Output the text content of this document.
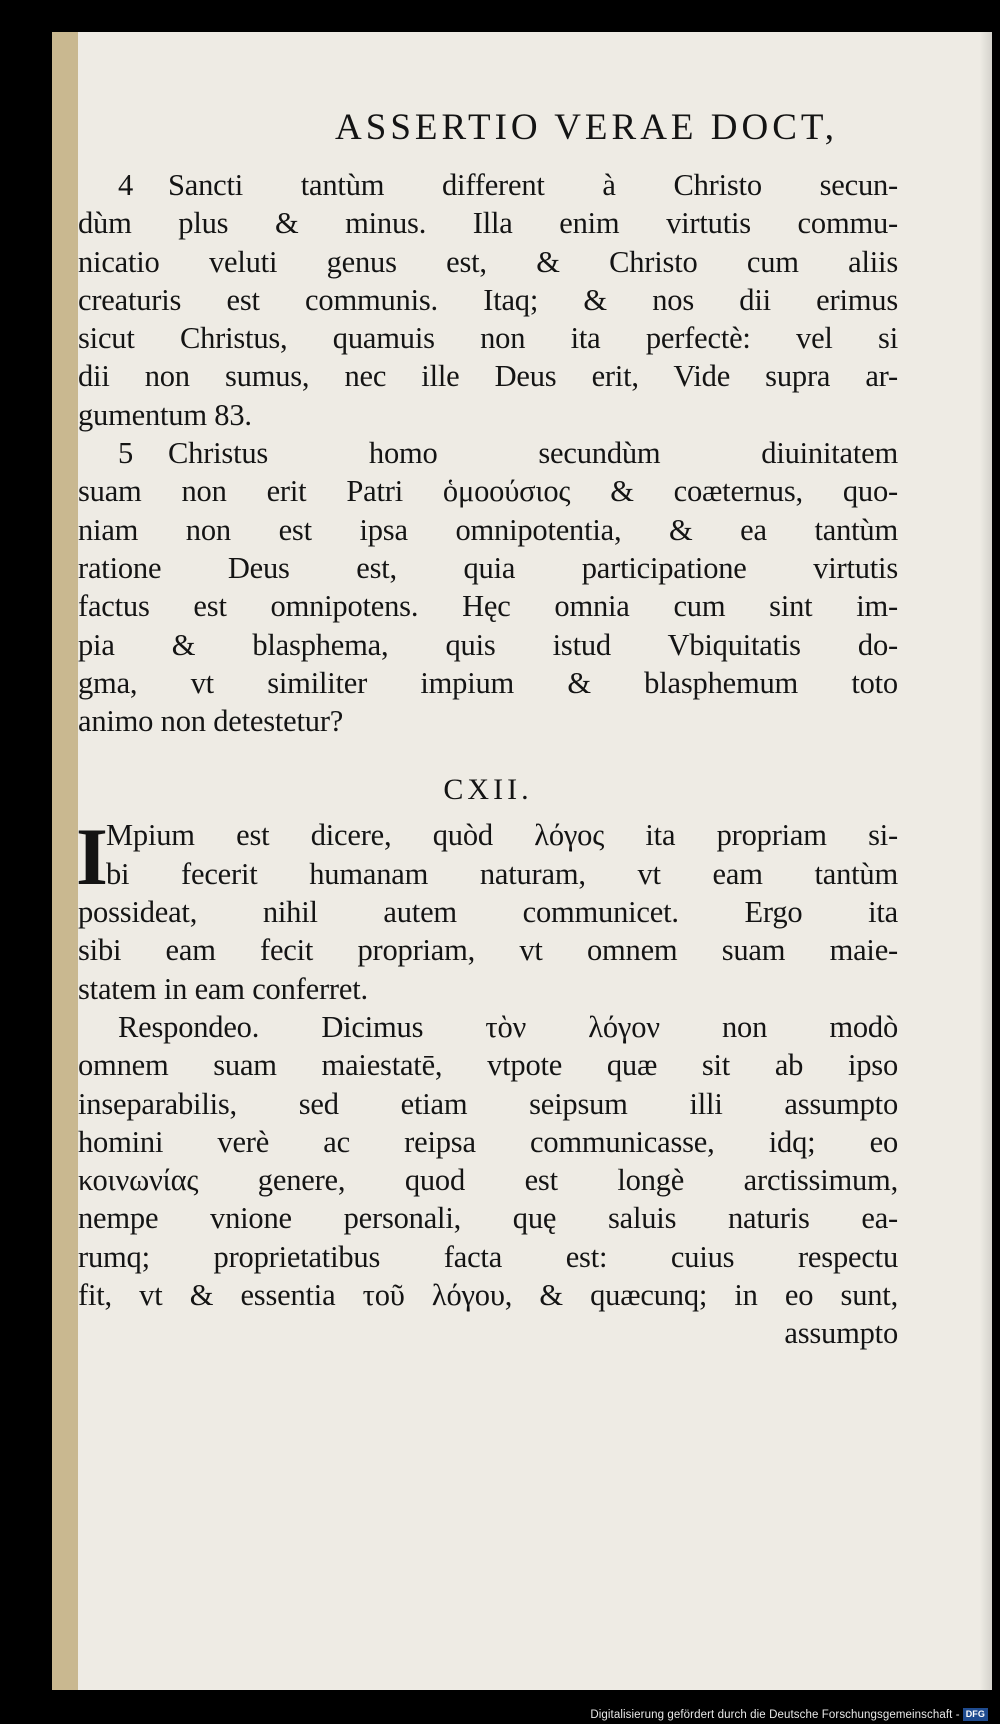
ASSERTIO VERAE DOCT,
4 Sancti tantùm different à Christo secun-
dùm plus & minus. Illa enim virtutis commu-
nicatio veluti genus est, & Christo cum aliis
creaturis est communis. Itaq; & nos dii erimus
sicut Christus, quamuis non ita perfectè: vel si
dii non sumus, nec ille Deus erit, Vide supra ar-
gumentum 83.
5 Christus homo secundùm diuinitatem
suam non erit Patri ὁμοούσιος & coæternus, quo-
niam non est ipsa omnipotentia, & ea tantùm
ratione Deus est, quia participatione virtutis
factus est omnipotens. Hęc omnia cum sint im-
pia & blasphema, quis istud Vbiquitatis do-
gma, vt similiter impium & blasphemum toto
animo non detestetur?
CXII.
I
Mpium est dicere, quòd λόγος ita propriam si-
bi fecerit humanam naturam, vt eam tantùm
possideat, nihil autem communicet. Ergo ita
sibi eam fecit propriam, vt omnem suam maie-
statem in eam conferret.
Respondeo. Dicimus τὸν λόγον non modò
omnem suam maiestatē, vtpote quæ sit ab ipso
inseparabilis, sed etiam seipsum illi assumpto
homini verè ac reipsa communicasse, idq; eo
κοινωνίας genere, quod est longè arctissimum,
nempe vnione personali, quę saluis naturis ea-
rumq; proprietatibus facta est: cuius respectu
fit, vt & essentia τοῦ λόγου, & quæcunq; in eo sunt,
assumpto
Digitalisierung gefördert durch die Deutsche Forschungsgemeinschaft - DFG
